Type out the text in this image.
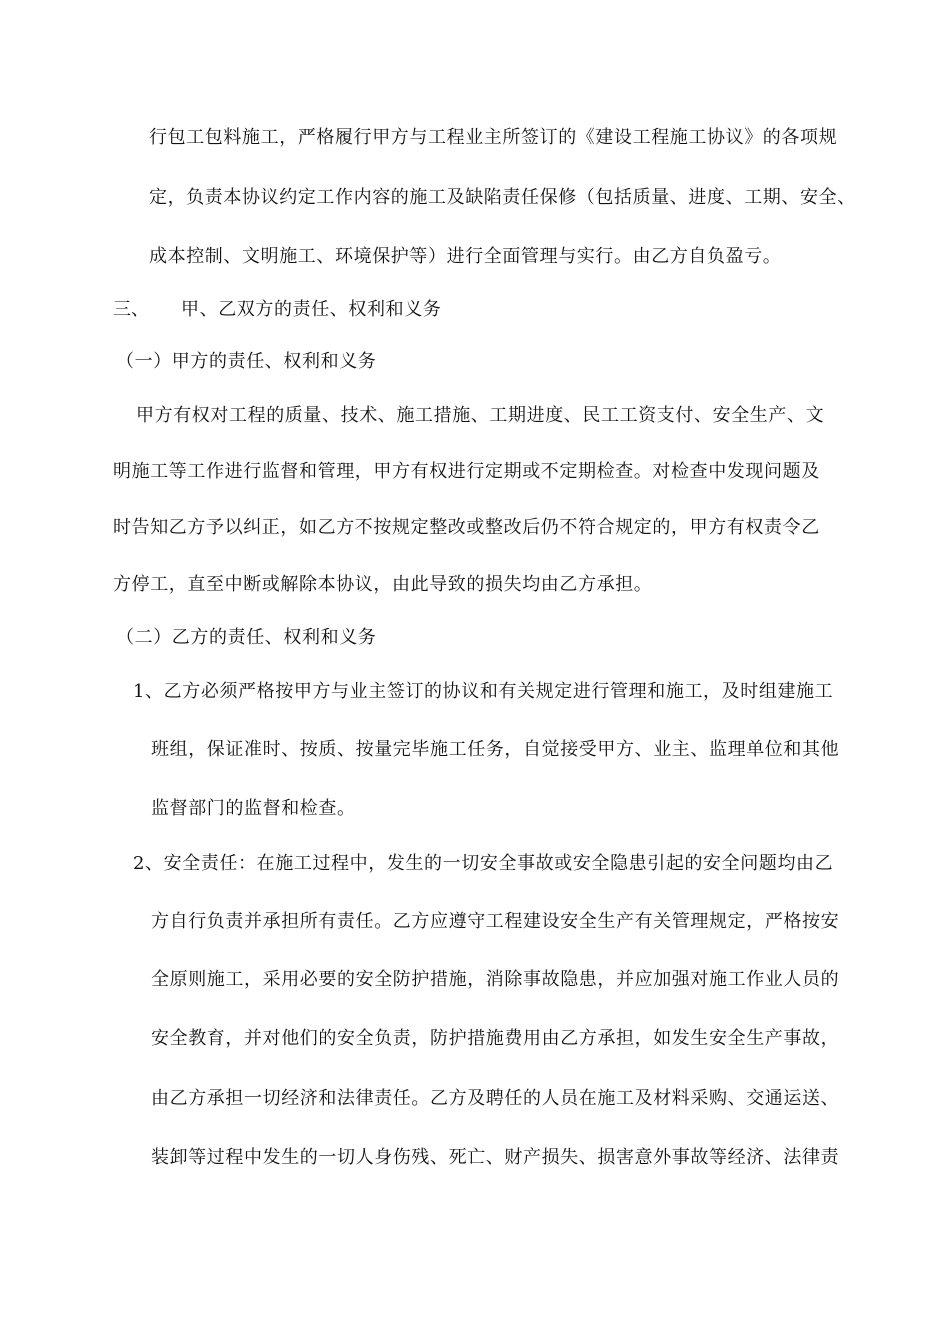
行包工包料施工，严格履行甲方与工程业主所签订的《建设工程施工协议》的各项规
定，负责本协议约定工作内容的施工及缺陷责任保修（包括质量、进度、工期、安全、
成本控制、文明施工、环境保护等）进行全面管理与实行。由乙方自负盈亏。
三、 甲、乙双方的责任、权利和义务
（一）甲方的责任、权利和义务
甲方有权对工程的质量、技术、施工措施、工期进度、民工工资支付、安全生产、文
明施工等工作进行监督和管理，甲方有权进行定期或不定期检查。对检查中发现问题及
时告知乙方予以纠正，如乙方不按规定整改或整改后仍不符合规定的，甲方有权责令乙
方停工，直至中断或解除本协议，由此导致的损失均由乙方承担。
（二）乙方的责任、权利和义务
1、乙方必须严格按甲方与业主签订的协议和有关规定进行管理和施工，及时组建施工
班组，保证准时、按质、按量完毕施工任务，自觉接受甲方、业主、监理单位和其他
监督部门的监督和检查。
2、安全责任：在施工过程中，发生的一切安全事故或安全隐患引起的安全问题均由乙
方自行负责并承担所有责任。乙方应遵守工程建设安全生产有关管理规定，严格按安
全原则施工，采用必要的安全防护措施，消除事故隐患，并应加强对施工作业人员的
安全教育，并对他们的安全负责，防护措施费用由乙方承担，如发生安全生产事故，
由乙方承担一切经济和法律责任。乙方及聘任的人员在施工及材料采购、交通运送、
装卸等过程中发生的一切人身伤残、死亡、财产损失、损害意外事故等经济、法律责
